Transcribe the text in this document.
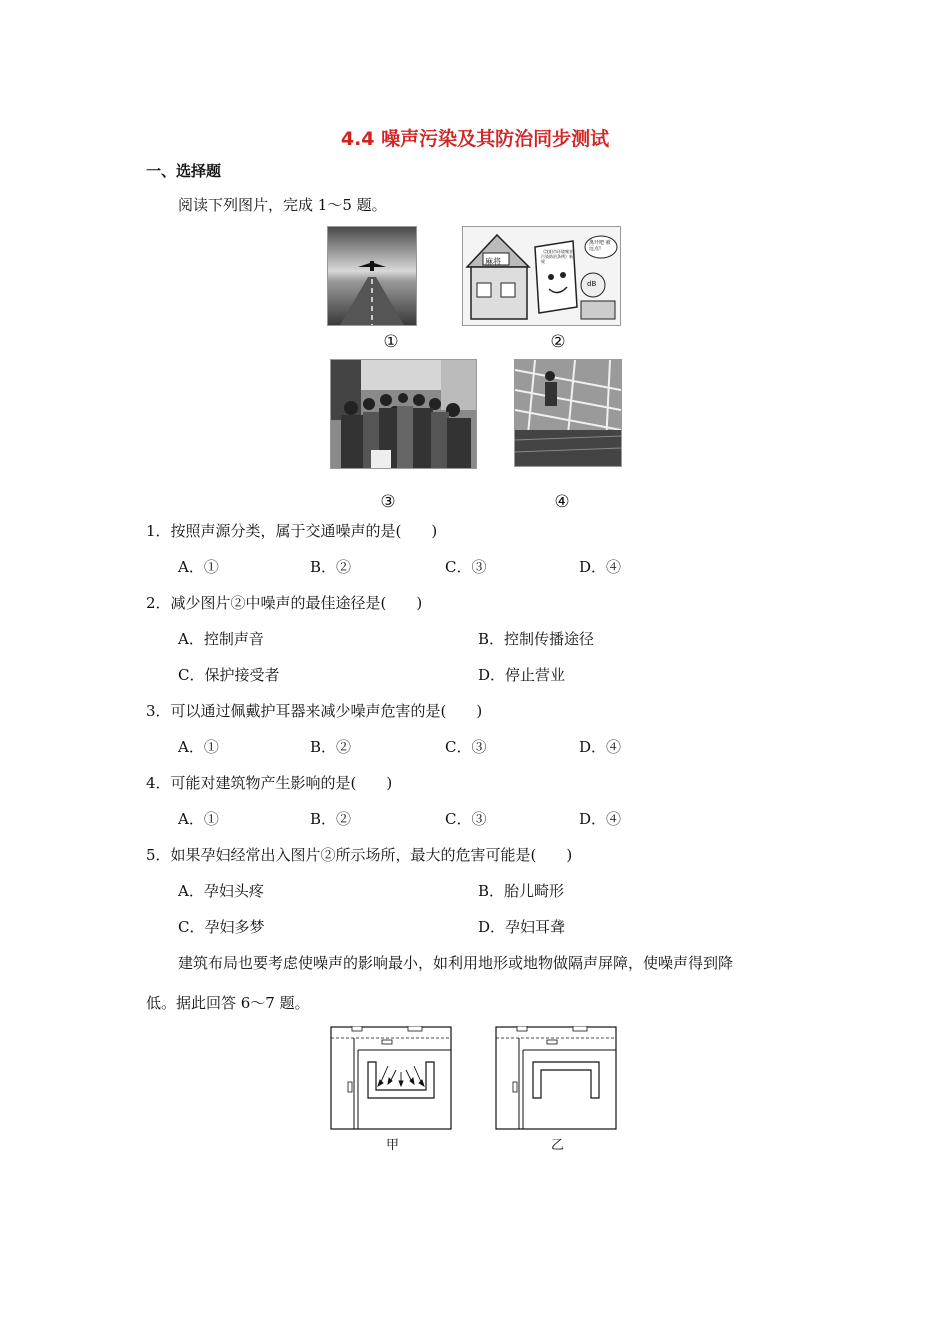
4.4 噪声污染及其防治同步测试
一、选择题
阅读下列图片，完成 1～5 题。
①
麻将
《沈阳市环境噪音污染防治条例》新规
离开吧 被远点!
dB
②
③	④
1．按照声源分类，属于交通噪声的是(　　)
A．①	B．②	C．③	D．④
2．减少图片②中噪声的最佳途径是(　　)
A．控制声音	B．控制传播途径
C．保护接受者	D．停止营业
3．可以通过佩戴护耳器来减少噪声危害的是(　　)
A．①	B．②	C．③	D．④
4．可能对建筑物产生影响的是(　　)
A．①	B．②	C．③	D．④
5．如果孕妇经常出入图片②所示场所，最大的危害可能是(　　)
A．孕妇头疼	B．胎儿畸形
C．孕妇多梦	D．孕妇耳聋
建筑布局也要考虑使噪声的影响最小，如利用地形或地物做隔声屏障，使噪声得到降
低。据此回答 6～7 题。
甲	乙
